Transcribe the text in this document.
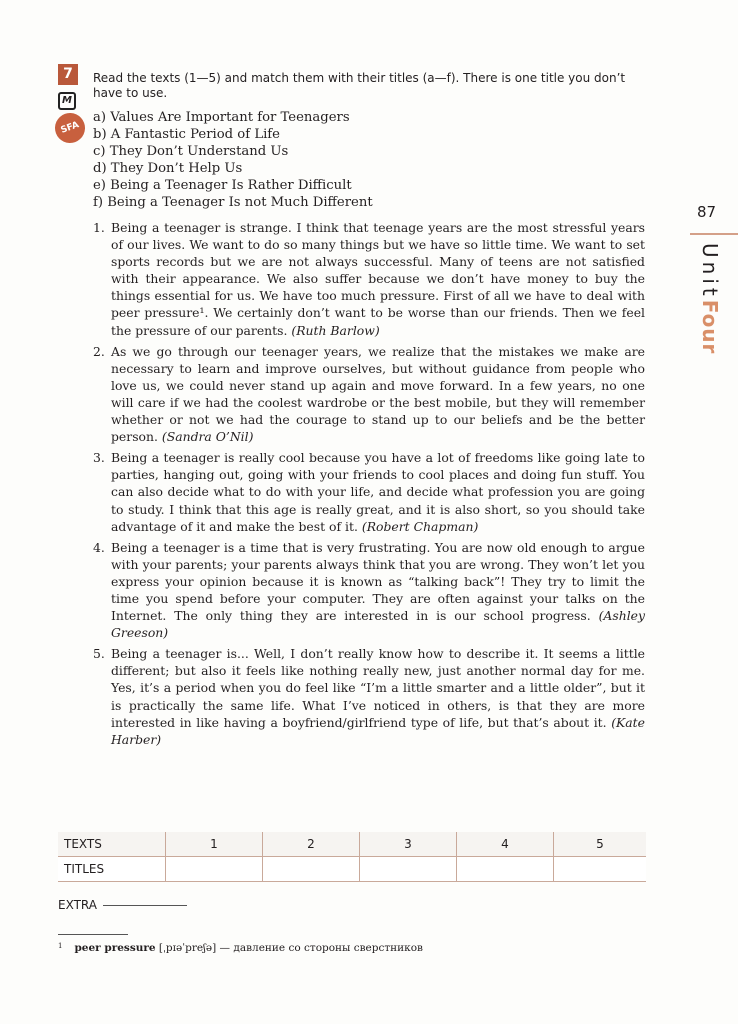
7
M
SFA
Read the texts (1—5) and match them with their titles (a—f). There is one title you don’t have to use.
a) Values Are Important for Teenagers
b) A Fantastic Period of Life
c) They Don’t Understand Us
d) They Don’t Help Us
e) Being a Teenager Is Rather Difficult
f) Being a Teenager Is not Much Different
1. Being a teenager is strange. I think that teenage years are the most stressful years of our lives. We want to do so many things but we have so little time. We want to set sports records but we are not always successful. Many of teens are not satisfied with their appearance. We also suffer because we don’t have money to buy the things essential for us. We have too much pressure. First of all we have to deal with peer pressure¹. We certainly don’t want to be worse than our friends. Then we feel the pressure of our parents. (Ruth Barlow)
2. As we go through our teenager years, we realize that the mistakes we make are necessary to learn and improve ourselves, but without guidance from people who love us, we could never stand up again and move forward. In a few years, no one will care if we had the coolest wardrobe or the best mobile, but they will remember whether or not we had the courage to stand up to our beliefs and be the better person. (Sandra O’Nil)
3. Being a teenager is really cool because you have a lot of freedoms like going late to parties, hanging out, going with your friends to cool places and doing fun stuff. You can also decide what to do with your life, and decide what profession you are going to study. I think that this age is really great, and it is also short, so you should take advantage of it and make the best of it. (Robert Chapman)
4. Being a teenager is a time that is very frustrating. You are now old enough to argue with your parents; your parents always think that you are wrong. They won’t let you express your opinion because it is known as “talking back”! They try to limit the time you spend before your computer. They are often against your talks on the Internet. The only thing they are interested in is our school progress. (Ashley Greeson)
5. Being a teenager is... Well, I don’t really know how to describe it. It seems a little different; but also it feels like nothing really new, just another normal day for me. Yes, it’s a period when you do feel like “I’m a little smarter and a little older”, but it is practically the same life. What I’ve noticed in others, is that they are more interested in like having a boyfriend/girlfriend type of life, but that’s about it. (Kate Harber)
87
UnitFour
TEXTS	1	2	3	4	5
TITLES					
EXTRA
$^1$ peer pressure [ˌpɪəˈpreʃə] — давление со стороны сверстников
